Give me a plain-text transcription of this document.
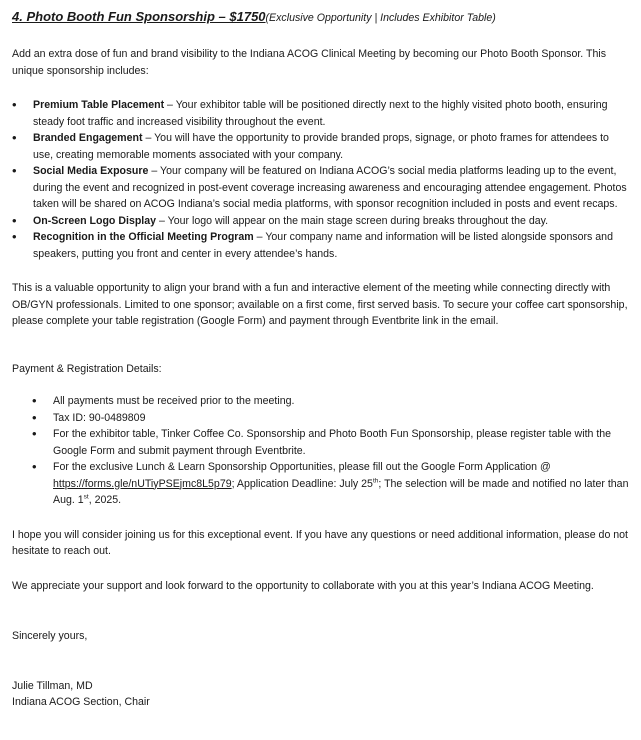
4. Photo Booth Fun Sponsorship – $1750(Exclusive Opportunity | Includes Exhibitor Table)

Add an extra dose of fun and brand visibility to the Indiana ACOG Clinical Meeting by becoming our Photo Booth Sponsor. This unique sponsorship includes:

• Premium Table Placement – Your exhibitor table will be positioned directly next to the highly visited photo booth, ensuring steady foot traffic and increased visibility throughout the event.
• Branded Engagement – You will have the opportunity to provide branded props, signage, or photo frames for attendees to use, creating memorable moments associated with your company.
• Social Media Exposure – Your company will be featured on Indiana ACOG’s social media platforms leading up to the event, during the event and recognized in post-event coverage increasing awareness and encouraging attendee engagement. Photos taken will be shared on ACOG Indiana’s social media platforms, with sponsor recognition included in posts and event recaps.
• On-Screen Logo Display – Your logo will appear on the main stage screen during breaks throughout the day.
• Recognition in the Official Meeting Program – Your company name and information will be listed alongside sponsors and speakers, putting you front and center in every attendee’s hands.

This is a valuable opportunity to align your brand with a fun and interactive element of the meeting while connecting directly with OB/GYN professionals. Limited to one sponsor; available on a first come, first served basis. To secure your coffee cart sponsorship, please complete your table registration (Google Form) and payment through Eventbrite link in the email.

Payment & Registration Details:

• All payments must be received prior to the meeting.
• Tax ID: 90-0489809
• For the exhibitor table, Tinker Coffee Co. Sponsorship and Photo Booth Fun Sponsorship, please register table with the Google Form and submit payment through Eventbrite.
• For the exclusive Lunch & Learn Sponsorship Opportunities, please fill out the Google Form Application @ https://forms.gle/nUTiyPSEjmc8L5p79; Application Deadline: July 25th; The selection will be made and notified no later than Aug. 1st, 2025.

I hope you will consider joining us for this exceptional event. If you have any questions or need additional information, please do not hesitate to reach out.

We appreciate your support and look forward to the opportunity to collaborate with you at this year’s Indiana ACOG Meeting.

Sincerely yours,

Julie Tillman, MD

Indiana ACOG Section, Chair
